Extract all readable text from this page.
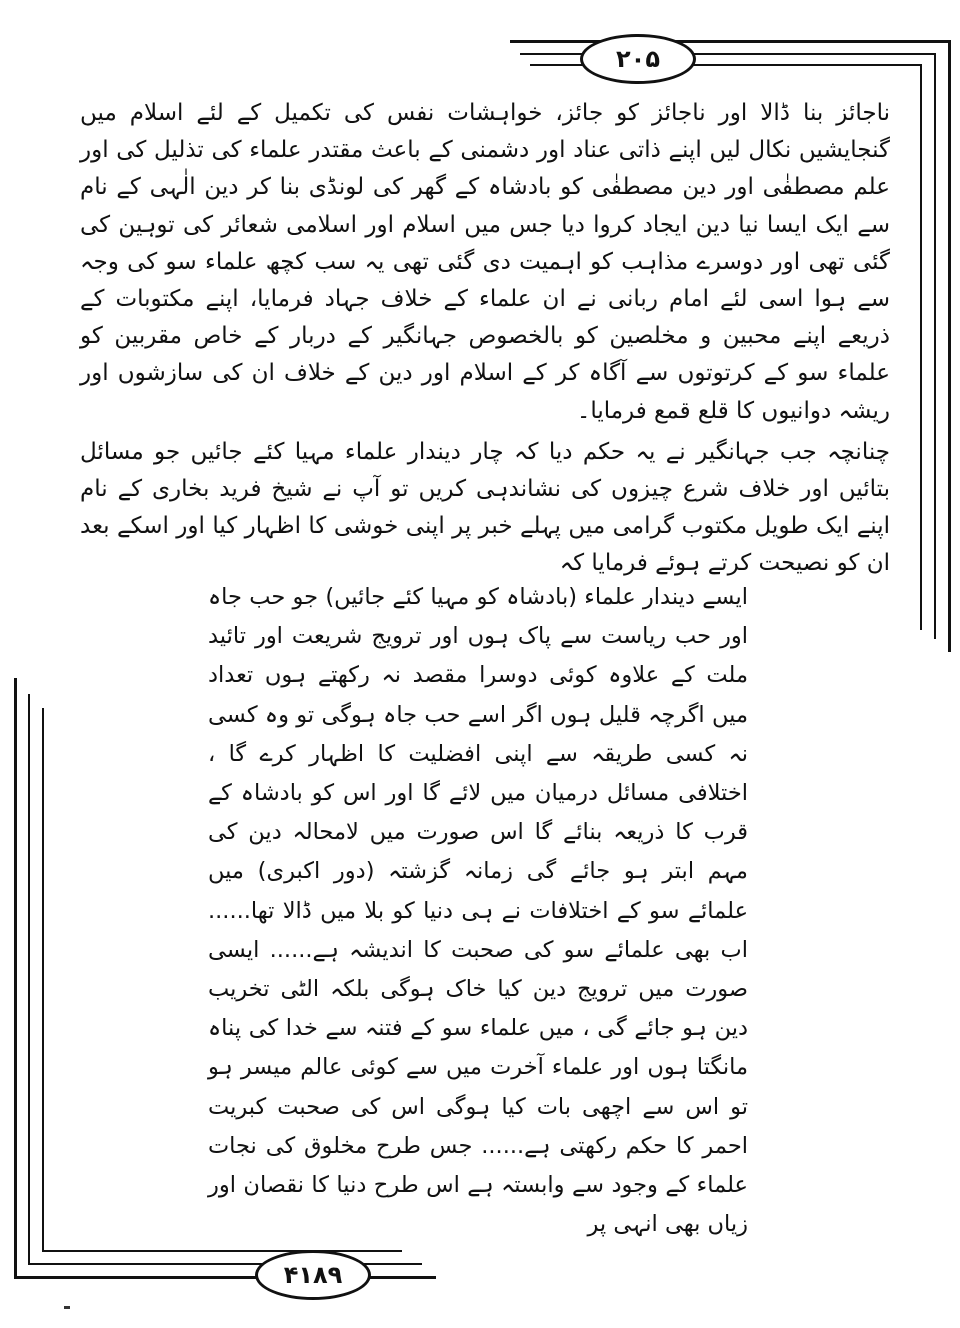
۲۰۵
۴۱۸۹

ناجائز بنا ڈالا اور ناجائز کو جائز، خواہشات نفس کی تکمیل کے لئے اسلام میں گنجایشیں نکال لیں اپنے ذاتی عناد اور دشمنی کے باعث مقتدر علماء کی تذلیل کی اور علم مصطفٰی اور دین مصطفٰی کو بادشاہ کے گھر کی لونڈی بنا کر دین الٰہی کے نام سے ایک ایسا نیا دین ایجاد کروا دیا جس میں اسلام اور اسلامی شعائر کی توہین کی گئی تھی اور دوسرے مذاہب کو اہمیت دی گئی تھی یہ سب کچھ علماء سو کی وجہ سے ہوا اسی لئے امام ربانی نے ان علماء کے خلاف جہاد فرمایا، اپنے مکتوبات کے ذریعے اپنے محبین و مخلصین کو بالخصوص جہانگیر کے دربار کے خاص مقربین کو علماء سو کے کرتوتوں سے آگاہ کر کے اسلام اور دین کے خلاف ان کی سازشوں اور ریشہ دوانیوں کا قلع قمع فرمایا۔

چنانچہ جب جہانگیر نے یہ حکم دیا کہ چار دیندار علماء مہیا کئے جائیں جو مسائل بتائیں اور خلاف شرع چیزوں کی نشاندہی کریں تو آپ نے شیخ فرید بخاری کے نام اپنے ایک طویل مکتوب گرامی میں پہلے خبر پر اپنی خوشی کا اظہار کیا اور اسکے بعد ان کو نصیحت کرتے ہوئے فرمایا کہ

ایسے دیندار علماء (بادشاہ کو مہیا کئے جائیں) جو حب جاہ اور حب ریاست سے پاک ہوں اور ترویج شریعت اور تائید ملت کے علاوہ کوئی دوسرا مقصد نہ رکھتے ہوں تعداد میں اگرچہ قلیل ہوں اگر اسے حب جاہ ہوگی تو وہ کسی نہ کسی طریقہ سے اپنی افضلیت کا اظہار کرے گا ، اختلافی مسائل درمیان میں لائے گا اور اس کو بادشاہ کے قرب کا ذریعہ بنائے گا اس صورت میں لامحالہ دین کی مہم ابتر ہو جائے گی زمانہ گزشتہ (دور اکبری) میں علمائے سو کے اختلافات نے ہی دنیا کو بلا میں ڈالا تھا...... اب بھی علمائے سو کی صحبت کا اندیشہ ہے...... ایسی صورت میں ترویج دین کیا خاک ہوگی بلکہ الٹی تخریب دین ہو جائے گی ، میں علماء سو کے فتنہ سے خدا کی پناہ مانگتا ہوں اور علماء آخرت میں سے کوئی عالم میسر ہو تو اس سے اچھی بات کیا ہوگی اس کی صحبت کبریت احمر کا حکم رکھتی ہے...... جس طرح مخلوق کی نجات علماء کے وجود سے وابستہ ہے اس طرح دنیا کا نقصان اور زیاں بھی انہی پر
